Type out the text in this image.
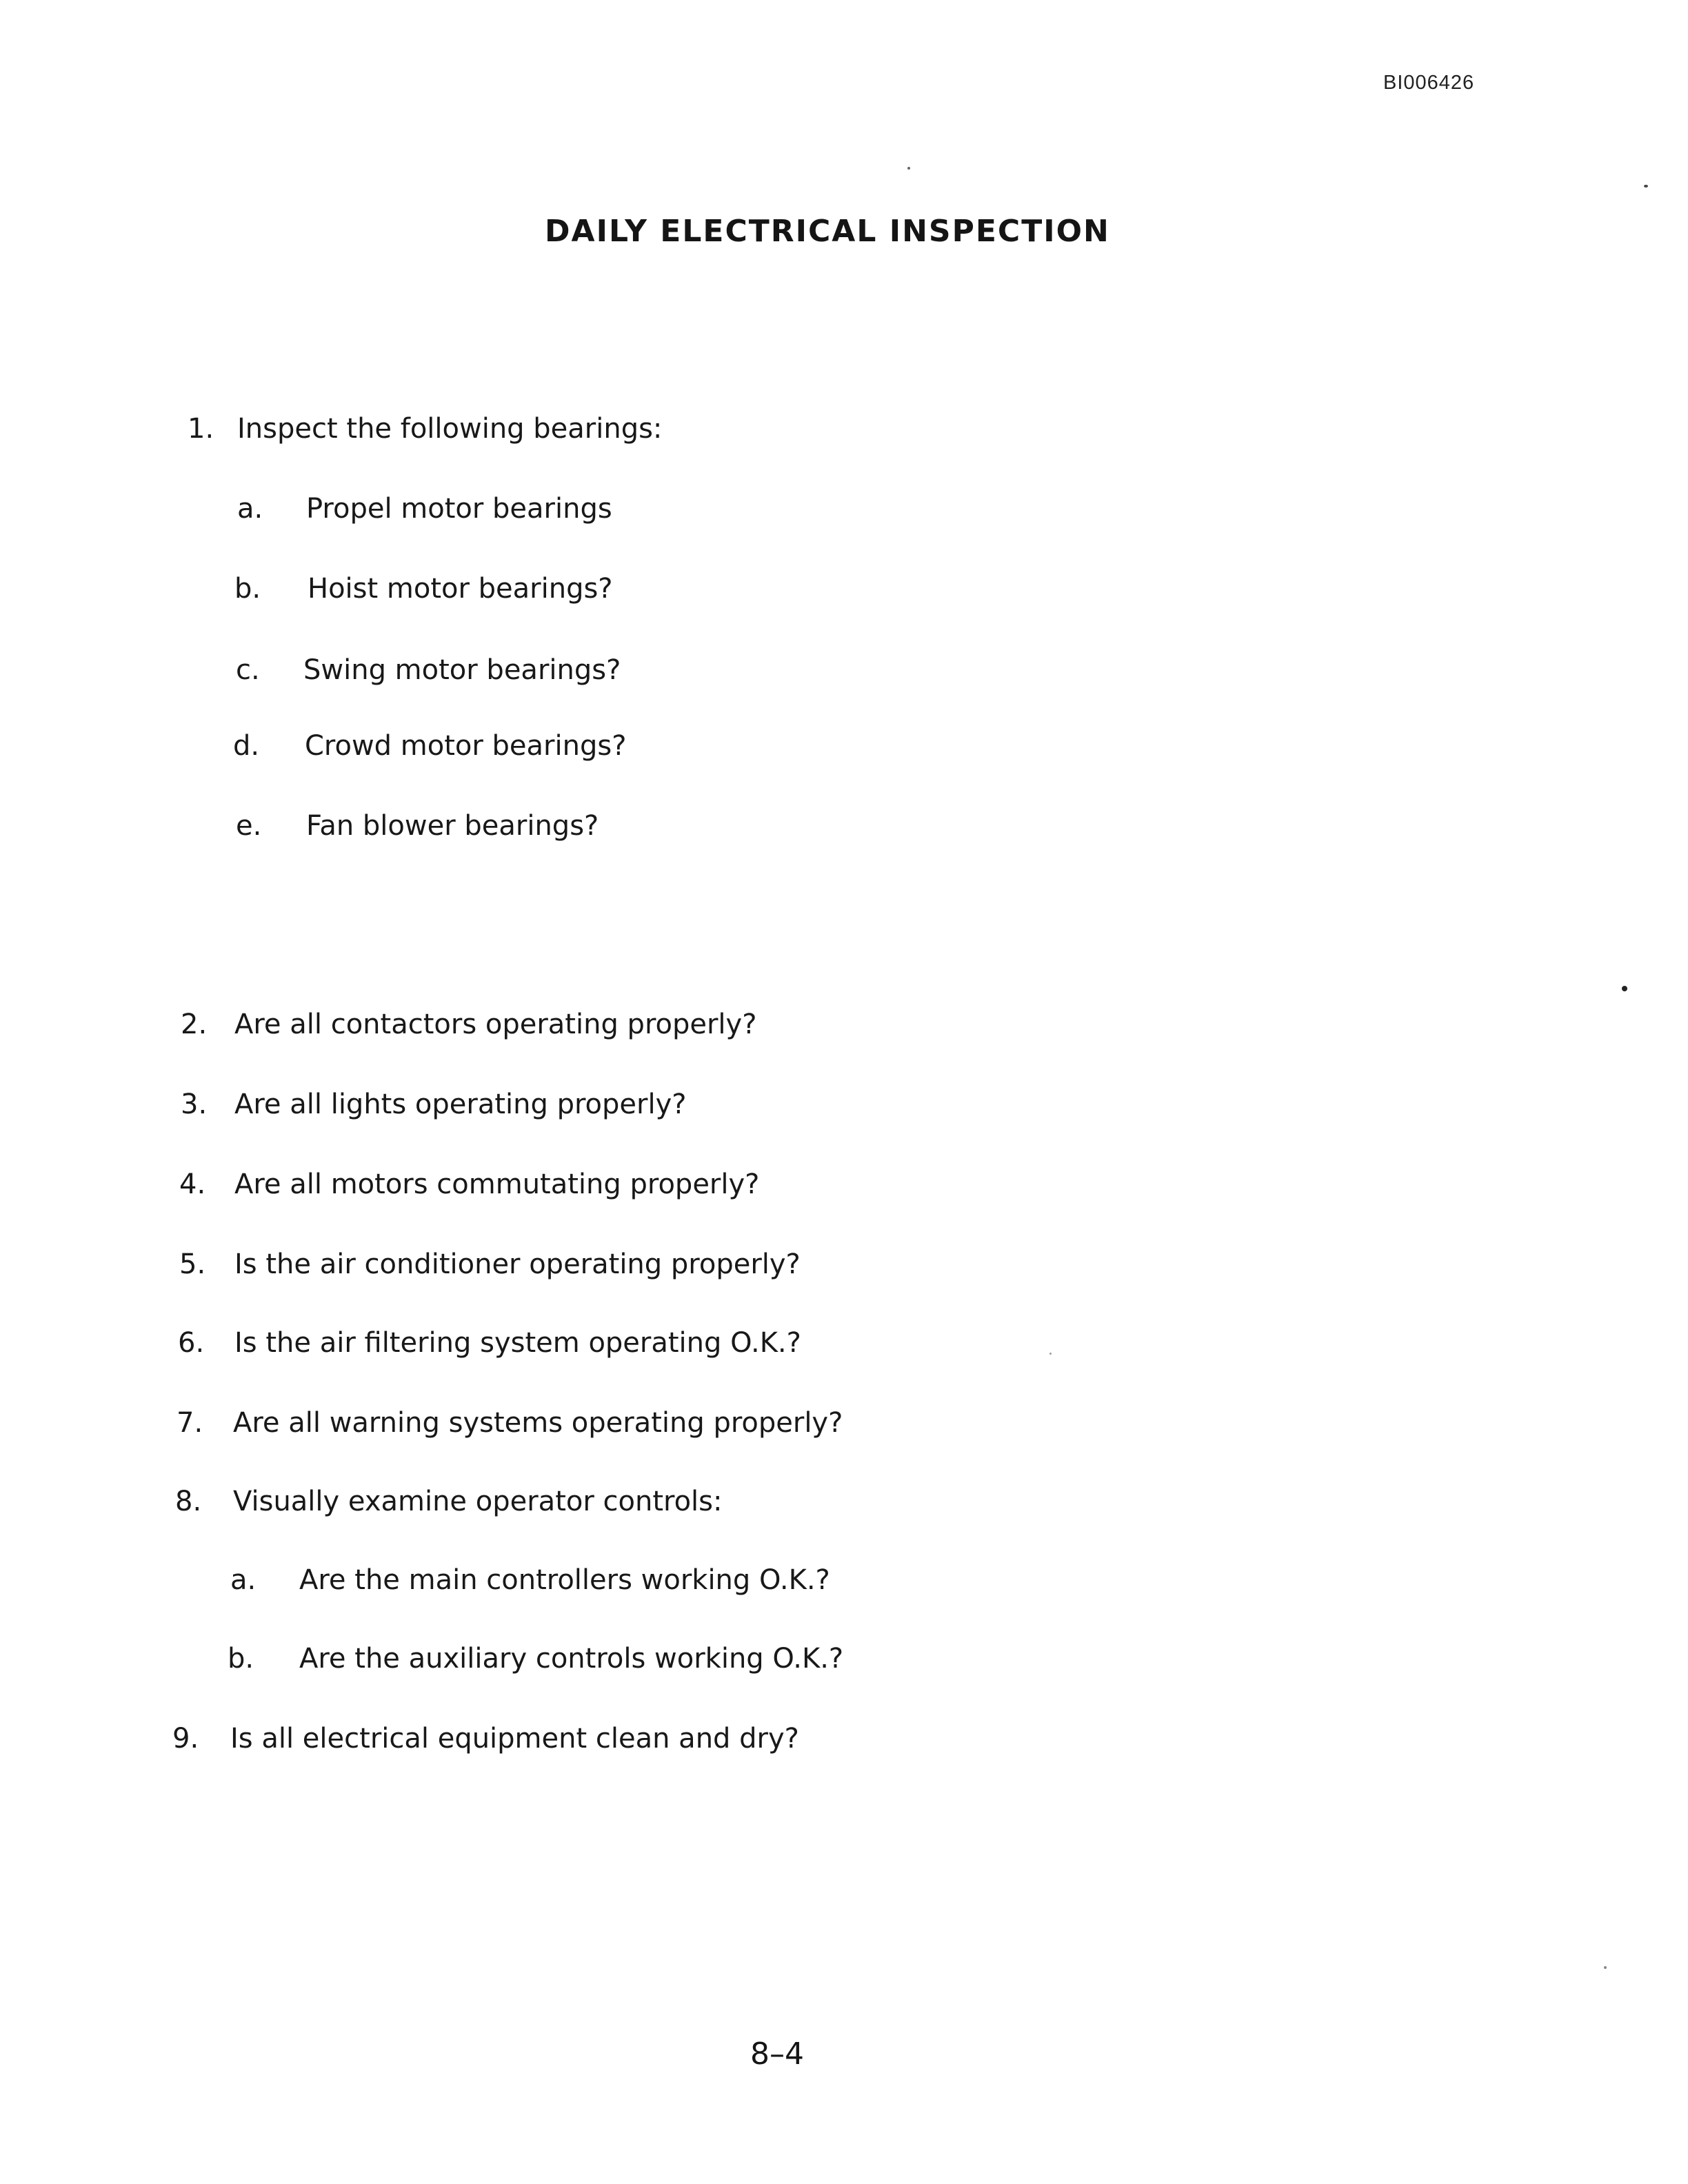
BI006426
DAILY ELECTRICAL INSPECTION
1. Inspect the following bearings:
a. Propel motor bearings
b. Hoist motor bearings?
c. Swing motor bearings?
d. Crowd motor bearings?
e. Fan blower bearings?
2. Are all contactors operating properly?
3. Are all lights operating properly?
4. Are all motors commutating properly?
5. Is the air conditioner operating properly?
6. Is the air filtering system operating O.K.?
7. Are all warning systems operating properly?
8. Visually examine operator controls:
a. Are the main controllers working O.K.?
b. Are the auxiliary controls working O.K.?
9. Is all electrical equipment clean and dry?
8–4
